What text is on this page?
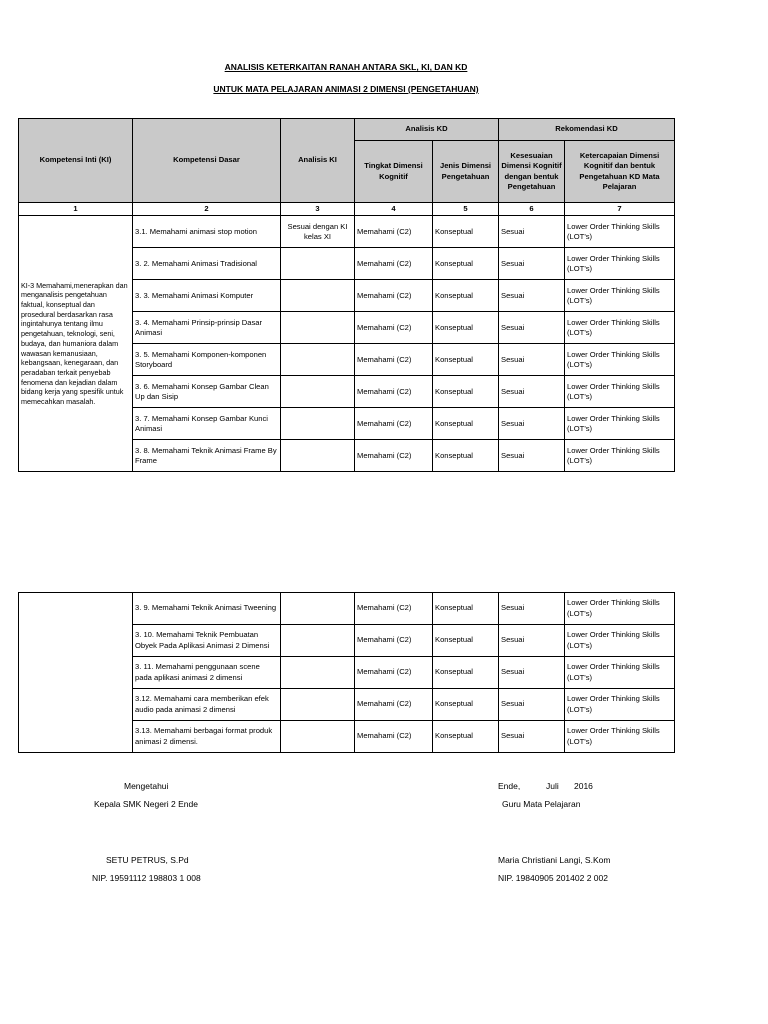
ANALISIS KETERKAITAN RANAH ANTARA SKL, KI, DAN KD
UNTUK MATA PELAJARAN ANIMASI 2 DIMENSI (PENGETAHUAN)
Kompetensi Inti (KI)	Kompetensi Dasar	Analisis KI	Analisis KD		Rekomendasi KD	
			Tingkat Dimensi Kognitif	Jenis Dimensi Pengetahuan	Kesesuaian Dimensi Kognitif dengan bentuk Pengetahuan	Ketercapaian Dimensi Kognitif dan bentuk Pengetahuan KD Mata Pelajaran
1	2	3	4	5	6	7
KI-3 Memahami,menerapkan dan menganalisis pengetahuan faktual, konseptual dan prosedural berdasarkan rasa ingintahunya tentang ilmu pengetahuan, teknologi, seni, budaya, dan humaniora dalam wawasan kemanusiaan, kebangsaan, kenegaraan, dan peradaban terkait penyebab fenomena dan kejadian dalam bidang kerja yang spesifik untuk memecahkan masalah.	3.1. Memahami animasi stop motion	Sesuai dengan KI kelas XI	Memahami (C2)	Konseptual	Sesuai	Lower Order Thinking Skills (LOT's)
	3. 2. Memahami Animasi Tradisional		Memahami (C2)	Konseptual	Sesuai	Lower Order Thinking Skills (LOT's)
	3. 3. Memahami Animasi Komputer		Memahami (C2)	Konseptual	Sesuai	Lower Order Thinking Skills (LOT's)
	3. 4. Memahami Prinsip-prinsip Dasar Animasi		Memahami (C2)	Konseptual	Sesuai	Lower Order Thinking Skills (LOT's)
	3. 5. Memahami Komponen-komponen Storyboard		Memahami (C2)	Konseptual	Sesuai	Lower Order Thinking Skills (LOT's)
	3. 6. Memahami Konsep Gambar Clean Up dan Sisip		Memahami (C2)	Konseptual	Sesuai	Lower Order Thinking Skills (LOT's)
	3. 7. Memahami Konsep Gambar Kunci Animasi		Memahami (C2)	Konseptual	Sesuai	Lower Order Thinking Skills (LOT's)
	3. 8. Memahami Teknik Animasi Frame By Frame		Memahami (C2)	Konseptual	Sesuai	Lower Order Thinking Skills (LOT's)
	3. 9. Memahami Teknik Animasi Tweening		Memahami (C2)	Konseptual	Sesuai	Lower Order Thinking Skills (LOT's)
	3. 10. Memahami Teknik Pembuatan Obyek Pada Aplikasi Animasi 2 Dimensi		Memahami (C2)	Konseptual	Sesuai	Lower Order Thinking Skills (LOT's)
	3. 11. Memahami penggunaan scene pada aplikasi animasi 2 dimensi		Memahami (C2)	Konseptual	Sesuai	Lower Order Thinking Skills (LOT's)
	3.12. Memahami cara memberikan efek audio pada animasi 2 dimensi		Memahami (C2)	Konseptual	Sesuai	Lower Order Thinking Skills (LOT's)
	3.13. Memahami berbagai format produk animasi 2 dimensi.		Memahami (C2)	Konseptual	Sesuai	Lower Order Thinking Skills (LOT's)
Mengetahui
Kepala SMK Negeri 2 Ende
SETU PETRUS, S.Pd
NIP. 19591112 198803 1 008
Ende,	Juli 2016
Guru Mata Pelajaran
Maria Christiani Langi, S.Kom
NIP. 19840905 201402 2 002
